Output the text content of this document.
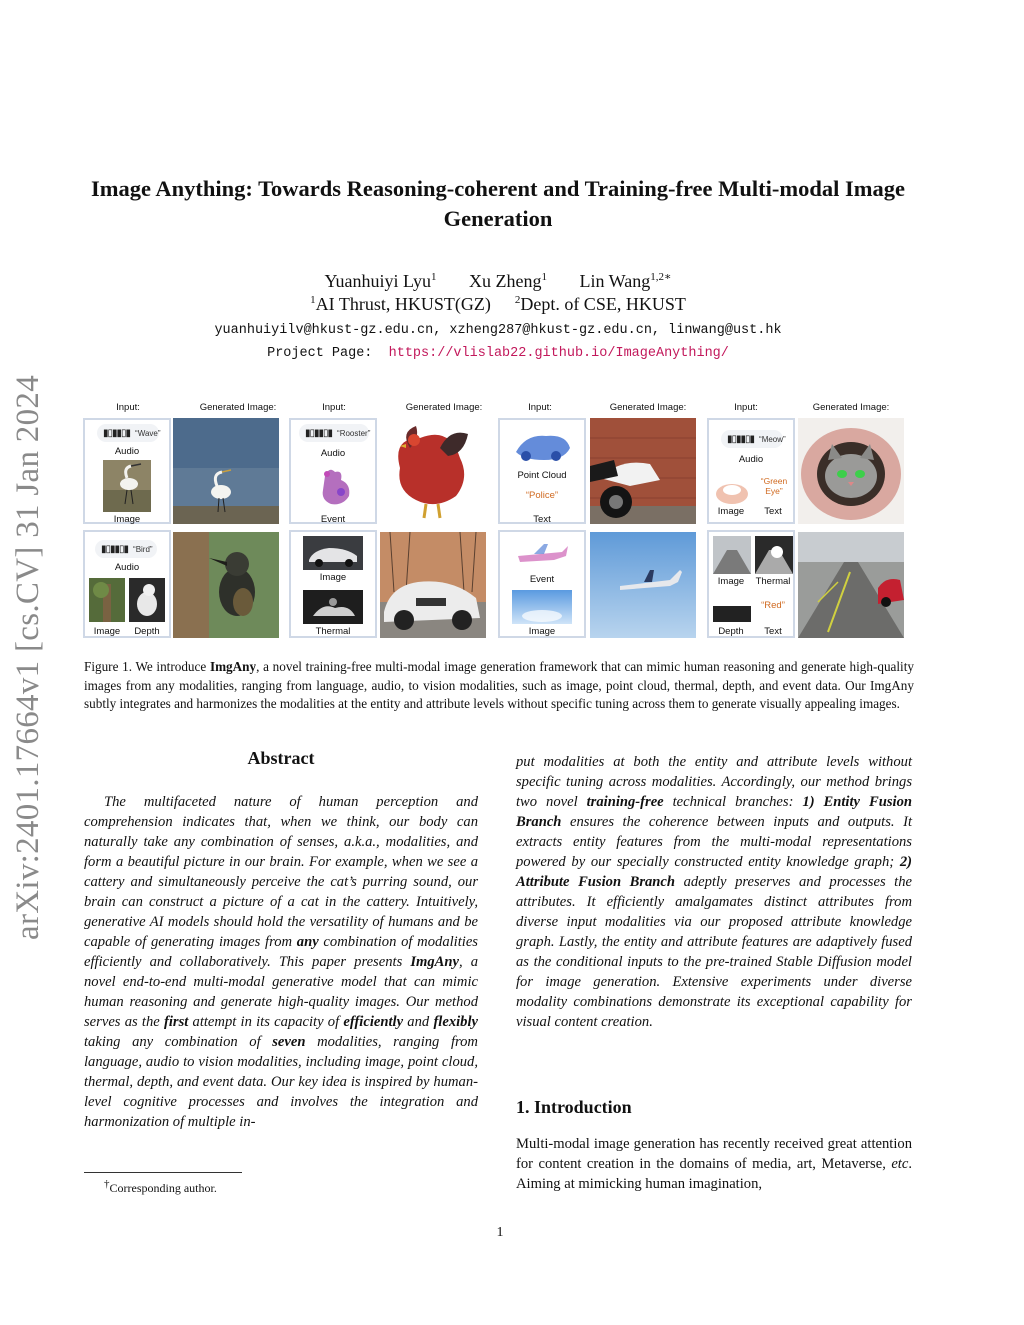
arXiv:2401.17664v1 [cs.CV] 31 Jan 2024
Image Anything: Towards Reasoning-coherent and Training-free Multi-modal Image Generation
Yuanhuiyi Lyu$^1$ Xu Zheng$^1$ Lin Wang$^{1,2∗}$
$^1$AI Thrust, HKUST(GZ) $^2$Dept. of CSE, HKUST
yuanhuiyilv@hkust-gz.edu.cn, xzheng287@hkust-gz.edu.cn, linwang@ust.hk
Project Page: https://vlislab22.github.io/ImageAnything/
Input:	Generated Image:	Input:	Generated Image:	Input:	Generated Image:	Input:	Generated Image:
▮▯▮▮▯▮ “Wave”
Audio
Image
▮▯▮▮▯▮ “Rooster”
Audio
Event
Point Cloud
“Police”
Text
▮▯▮▮▯▮ “Meow”
Audio
“Green Eye”
Image	Text
▮▯▮▮▯▮ “Bird”
Audio
Image	Depth
Image
Thermal
Event
Image
Image	Thermal
“Red”
Depth	Text
Figure 1. We introduce ImgAny, a novel training-free multi-modal image generation framework that can mimic human reasoning and generate high-quality images from any modalities, ranging from language, audio, to vision modalities, such as image, point cloud, thermal, depth, and event data. Our ImgAny subtly integrates and harmonizes the modalities at the entity and attribute levels without specific tuning across them to generate visually appealing images.
Abstract
The multifaceted nature of human perception and comprehension indicates that, when we think, our body can naturally take any combination of senses, a.k.a., modalities, and form a beautiful picture in our brain. For example, when we see a cattery and simultaneously perceive the cat’s purring sound, our brain can construct a picture of a cat in the cattery. Intuitively, generative AI models should hold the versatility of humans and be capable of generating images from any combination of modalities efficiently and collaboratively. This paper presents ImgAny, a novel end-to-end multi-modal generative model that can mimic human reasoning and generate high-quality images. Our method serves as the first attempt in its capacity of efficiently and flexibly taking any combination of seven modalities, ranging from language, audio to vision modalities, including image, point cloud, thermal, depth, and event data. Our key idea is inspired by human-level cognitive processes and involves the integration and harmonization of multiple in-
put modalities at both the entity and attribute levels without specific tuning across modalities. Accordingly, our method brings two novel training-free technical branches: 1) Entity Fusion Branch ensures the coherence between inputs and outputs. It extracts entity features from the multi-modal representations powered by our specially constructed entity knowledge graph; 2) Attribute Fusion Branch adeptly preserves and processes the attributes. It efficiently amalgamates distinct attributes from diverse input modalities via our proposed attribute knowledge graph. Lastly, the entity and attribute features are adaptively fused as the conditional inputs to the pre-trained Stable Diffusion model for image generation. Extensive experiments under diverse modality combinations demonstrate its exceptional capability for visual content creation.
1. Introduction
Multi-modal image generation has recently received great attention for content creation in the domains of media, art, Metaverse, etc. Aiming at mimicking human imagination,
†Corresponding author.
1
